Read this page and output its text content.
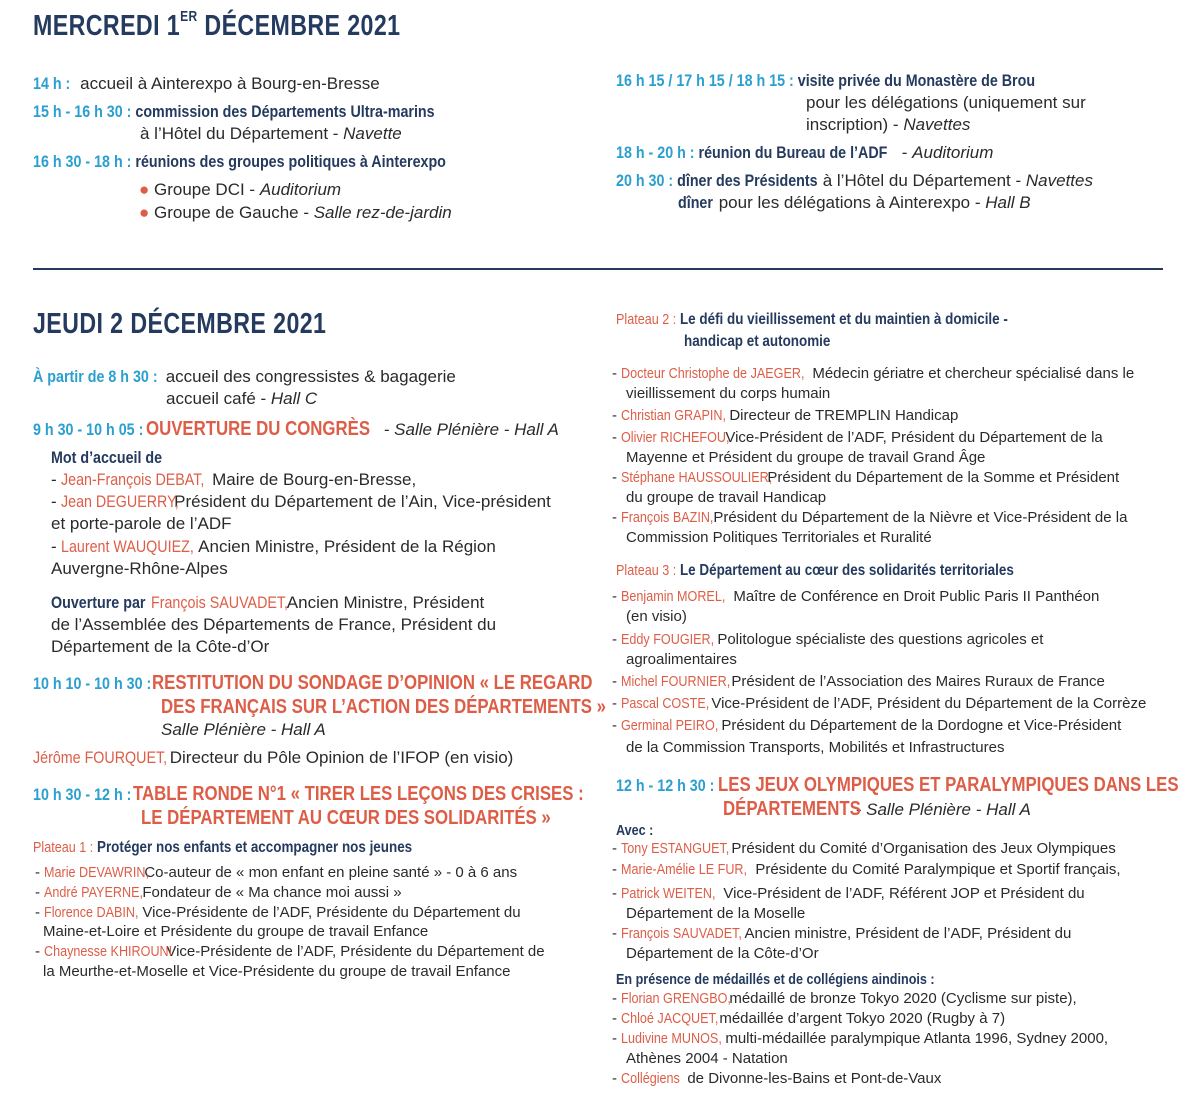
MERCREDI 1ER DÉCEMBRE 2021
14 h : accueil à Ainterexpo à Bourg-en-Bresse
15 h - 16 h 30 : commission des Départements Ultra-marins
à l’Hôtel du Département - Navette
16 h 30 - 18 h : réunions des groupes politiques à Ainterexpo
● Groupe DCI - Auditorium
● Groupe de Gauche - Salle rez-de-jardin
16 h 15 / 17 h 15 / 18 h 15 : visite privée du Monastère de Brou
pour les délégations (uniquement sur
inscription) - Navettes
18 h - 20 h : réunion du Bureau de l’ADF - Auditorium
20 h 30 : dîner des Présidents à l’Hôtel du Département - Navettes
dîner pour les délégations à Ainterexpo - Hall B
JEUDI 2 DÉCEMBRE 2021
À partir de 8 h 30 : accueil des congressistes & bagagerie
accueil café - Hall C
9 h 30 - 10 h 05 :OUVERTURE DU CONGRÈS - Salle Plénière - Hall A
Mot d’accueil de
- Jean-François DEBAT, Maire de Bourg-en-Bresse,
- Jean DEGUERRY, Président du Département de l’Ain, Vice-président
et porte-parole de l’ADF
- Laurent WAUQUIEZ, Ancien Ministre, Président de la Région
Auvergne-Rhône-Alpes
Ouverture parFrançois SAUVADET, Ancien Ministre, Président
de l’Assemblée des Départements de France, Président du
Département de la Côte-d’Or
10 h 10 - 10 h 30 :RESTITUTION DU SONDAGE D’OPINION « LE REGARD
DES FRANÇAIS SUR L’ACTION DES DÉPARTEMENTS »
Salle Plénière - Hall A
Jérôme FOURQUET, Directeur du Pôle Opinion de l’IFOP (en visio)
10 h 30 - 12 h :TABLE RONDE N°1 « TIRER LES LEÇONS DES CRISES :
LE DÉPARTEMENT AU CŒUR DES SOLIDARITÉS »
Plateau 1 : Protéger nos enfants et accompagner nos jeunes
- Marie DEVAWRIN, Co-auteur de « mon enfant en pleine santé » - 0 à 6 ans
- André PAYERNE, Fondateur de « Ma chance moi aussi »
- Florence DABIN, Vice-Présidente de l’ADF, Présidente du Département du
Maine-et-Loire et Présidente du groupe de travail Enfance
- Chaynesse KHIROUNI Vice-Présidente de l’ADF, Présidente du Département de
la Meurthe-et-Moselle et Vice-Présidente du groupe de travail Enfance
Plateau 2 : Le défi du vieillissement et du maintien à domicile -
handicap et autonomie
- Docteur Christophe de JAEGER, Médecin gériatre et chercheur spécialisé dans le
vieillissement du corps humain
- Christian GRAPIN, Directeur de TREMPLIN Handicap
- Olivier RICHEFOU, Vice-Président de l’ADF, Président du Département de la
Mayenne et Président du groupe de travail Grand Âge
- Stéphane HAUSSOULIER, Président du Département de la Somme et Président
du groupe de travail Handicap
- François BAZIN, Président du Département de la Nièvre et Vice-Président de la
Commission Politiques Territoriales et Ruralité
Plateau 3 : Le Département au cœur des solidarités territoriales
- Benjamin MOREL, Maître de Conférence en Droit Public Paris II Panthéon
(en visio)
- Eddy FOUGIER, Politologue spécialiste des questions agricoles et
agroalimentaires
- Michel FOURNIER, Président de l’Association des Maires Ruraux de France
- Pascal COSTE, Vice-Président de l’ADF, Président du Département de la Corrèze
- Germinal PEIRO, Président du Département de la Dordogne et Vice-Président
de la Commission Transports, Mobilités et Infrastructures
12 h - 12 h 30 :LES JEUX OLYMPIQUES ET PARALYMPIQUES DANS LES
DÉPARTEMENTS - Salle Plénière - Hall A
Avec :
- Tony ESTANGUET, Président du Comité d’Organisation des Jeux Olympiques
- Marie-Amélie LE FUR, Présidente du Comité Paralympique et Sportif français,
- Patrick WEITEN, Vice-Président de l’ADF, Référent JOP et Président du
Département de la Moselle
- François SAUVADET, Ancien ministre, Président de l’ADF, Président du
Département de la Côte-d’Or
En présence de médaillés et de collégiens aindinois :
- Florian GRENGBO, médaillé de bronze Tokyo 2020 (Cyclisme sur piste),
- Chloé JACQUET, médaillée d’argent Tokyo 2020 (Rugby à 7)
- Ludivine MUNOS, multi-médaillée paralympique Atlanta 1996, Sydney 2000,
Athènes 2004 - Natation
- Collégiens de Divonne-les-Bains et Pont-de-Vaux
